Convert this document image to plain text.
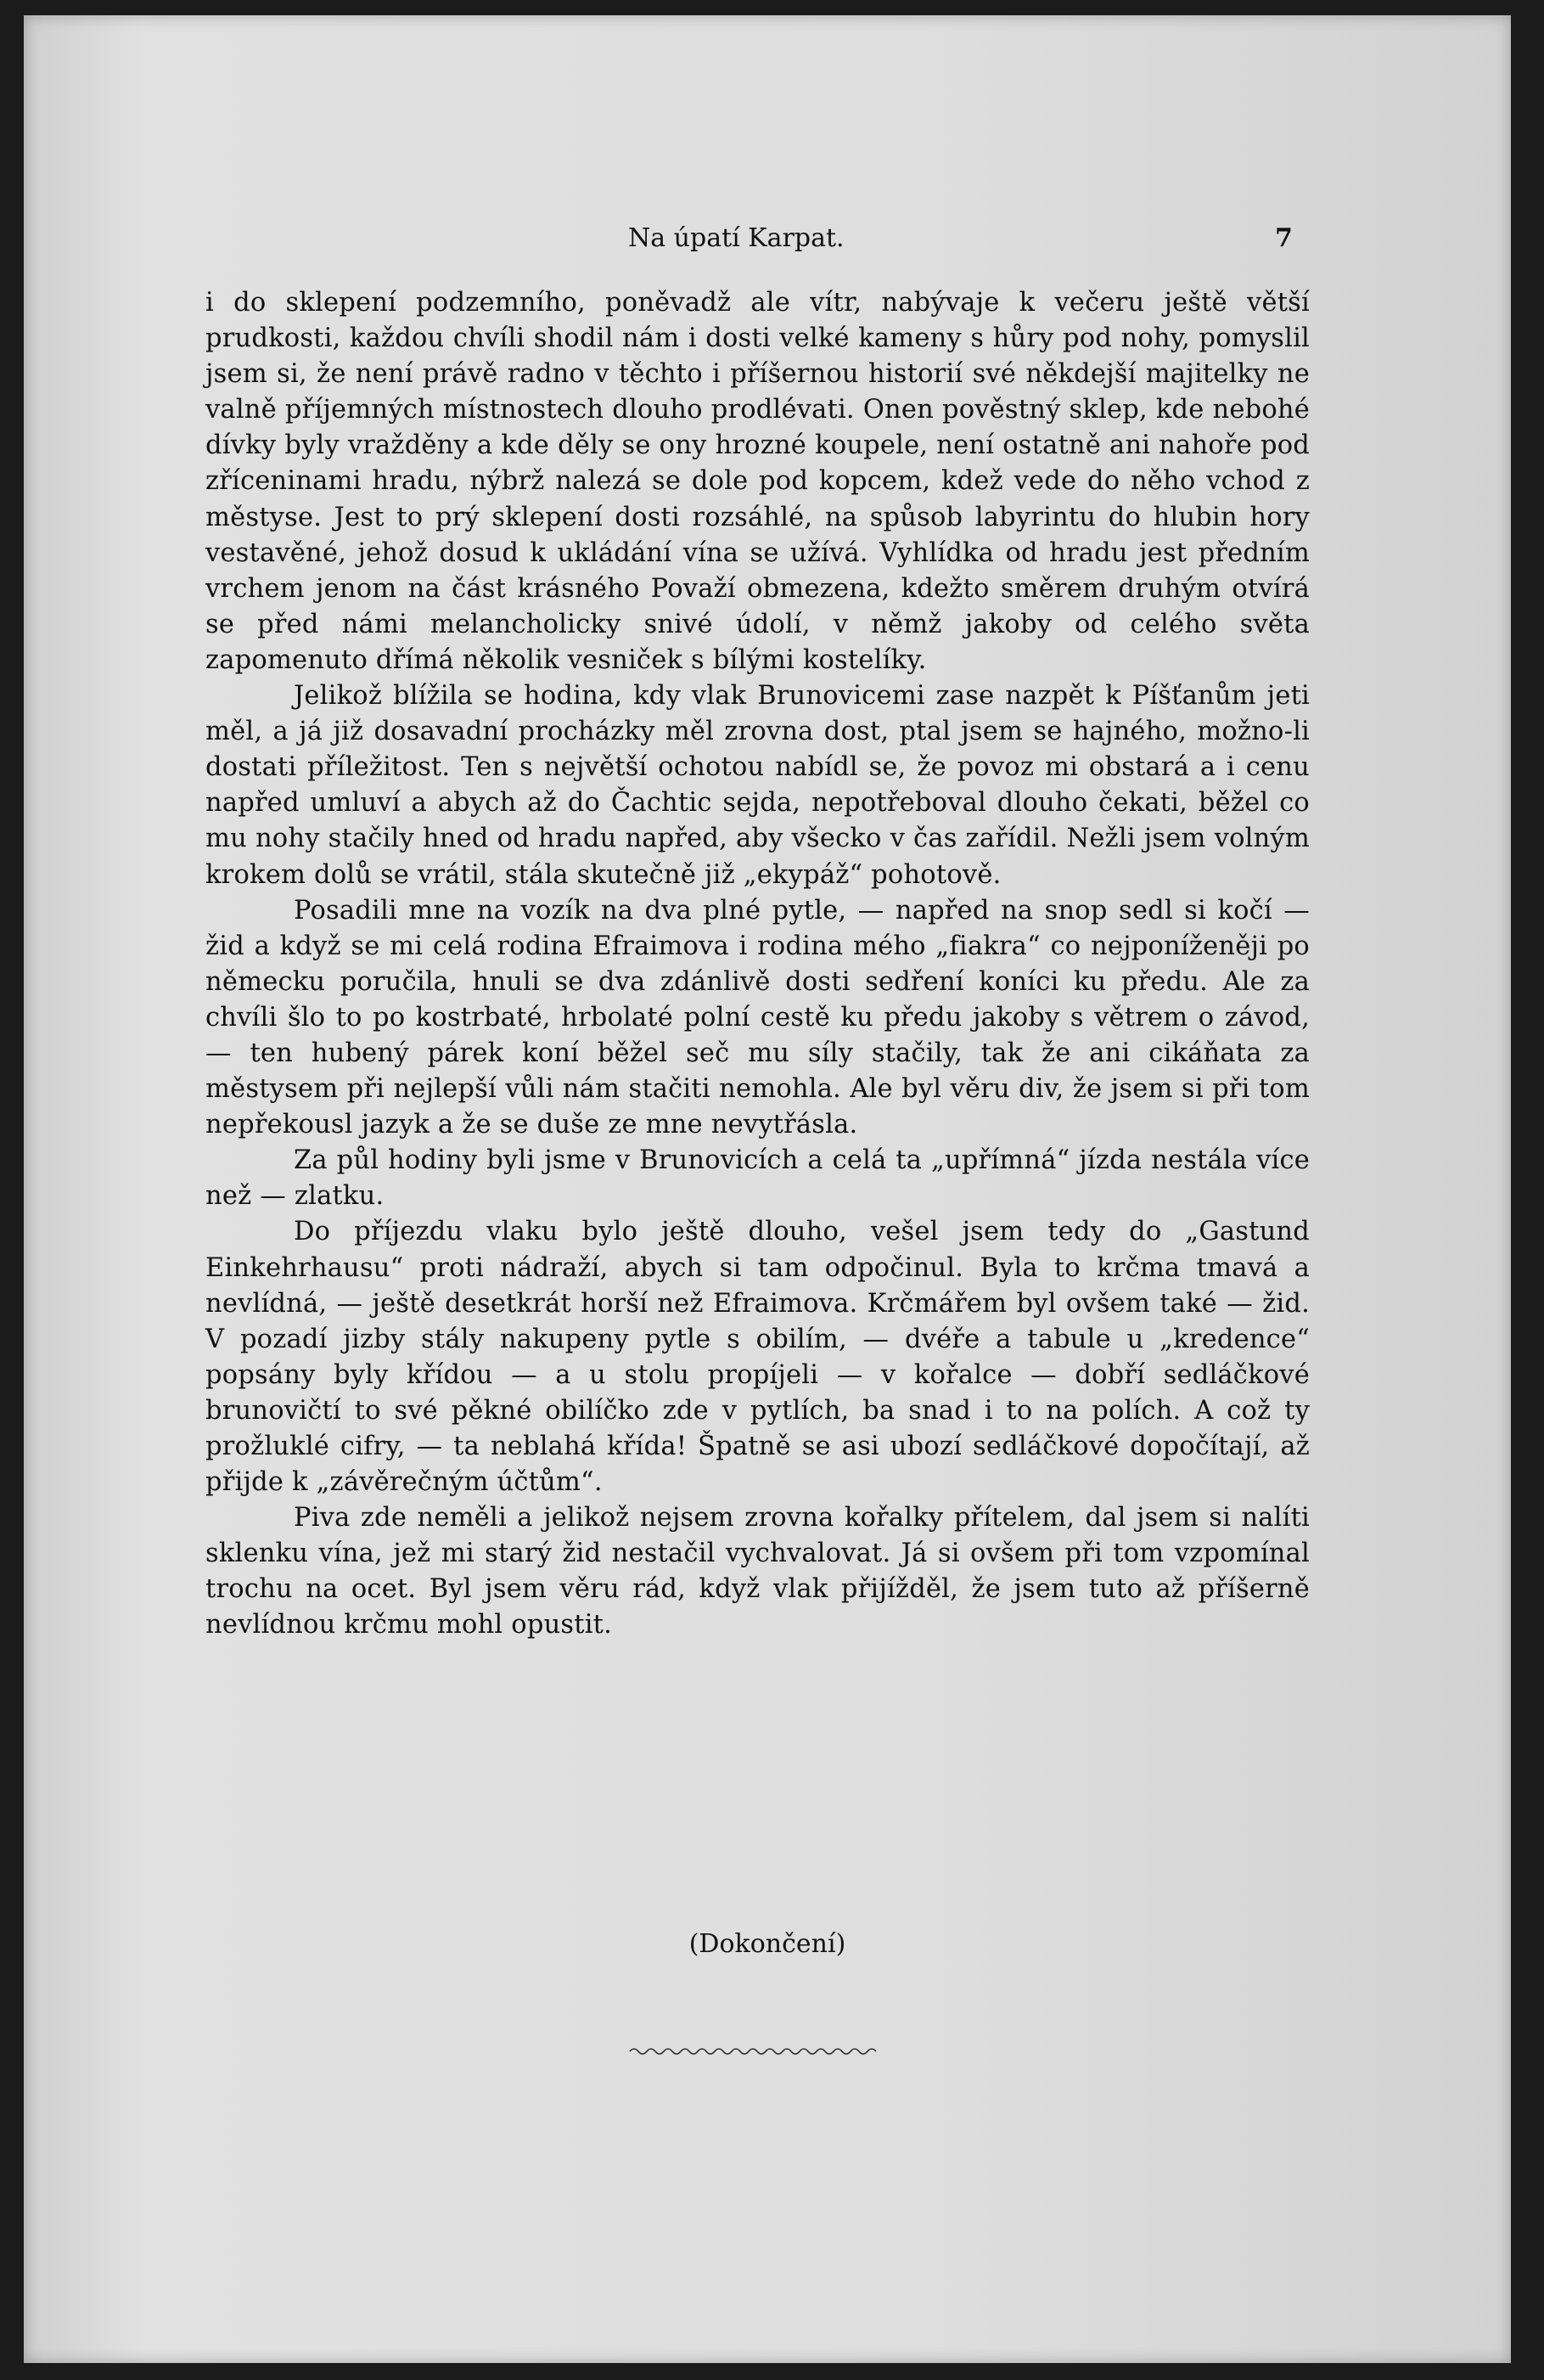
Na úpatí Karpat.	7

i do sklepení podzemního, poněvadž ale vítr, nabývaje k večeru ještě větší prudkosti, každou chvíli shodil nám i dosti velké kameny s hůry pod nohy, pomyslil jsem si, že není právě radno v těchto i příšernou historií své někdejší majitelky ne valně příjemných místnostech dlouho prodlévati. Onen pověstný sklep, kde nebohé dívky byly vražděny a kde děly se ony hrozné koupele, není ostatně ani nahoře pod zříceninami hradu, nýbrž nalezá se dole pod kopcem, kdež vede do něho vchod z městyse. Jest to prý sklepení dosti rozsáhlé, na spůsob labyrintu do hlubin hory vestavěné, jehož dosud k ukládání vína se užívá. Vyhlídka od hradu jest předním vrchem jenom na část krásného Považí obmezena, kdežto směrem druhým otvírá se před námi melancholicky snivé údolí, v němž jakoby od celého světa zapomenuto dřímá několik vesniček s bílými kostelíky.

Jelikož blížila se hodina, kdy vlak Brunovicemi zase nazpět k Píšťanům jeti měl, a já již dosavadní procházky měl zrovna dost, ptal jsem se hajného, možno-li dostati příležitost. Ten s největší ochotou nabídl se, že povoz mi obstará a i cenu napřed umluví a abych až do Čachtic sejda, nepotřeboval dlouho čekati, běžel co mu nohy stačily hned od hradu napřed, aby všecko v čas zařídil. Nežli jsem volným krokem dolů se vrátil, stála skutečně již „ekypáž“ pohotově.

Posadili mne na vozík na dva plné pytle, — napřed na snop sedl si kočí — žid a když se mi celá rodina Efraimova i rodina mého „fiakra“ co nejponíženěji po německu poručila, hnuli se dva zdánlivě dosti sedření koníci ku předu. Ale za chvíli šlo to po kostrbaté, hrbolaté polní cestě ku předu jakoby s větrem o závod, — ten hubený párek koní běžel seč mu síly stačily, tak že ani cikáňata za městysem při nejlepší vůli nám stačiti nemohla. Ale byl věru div, že jsem si při tom nepřekousl jazyk a že se duše ze mne nevytřásla.

Za půl hodiny byli jsme v Brunovicích a celá ta „upřímná“ jízda nestála více než — zlatku.

Do příjezdu vlaku bylo ještě dlouho, vešel jsem tedy do „Gastund Einkehrhausu“ proti nádraží, abych si tam odpočinul. Byla to krčma tmavá a nevlídná, — ještě desetkrát horší než Efraimova. Krčmářem byl ovšem také — žid. V pozadí jizby stály nakupeny pytle s obilím, — dvéře a tabule u „kredence“ popsány byly křídou — a u stolu propíjeli — v kořalce — dobří sedláčkové brunovičtí to své pěkné obilíčko zde v pytlích, ba snad i to na polích. A což ty prožluklé cifry, — ta neblahá křída! Špatně se asi ubozí sedláčkové dopočítají, až přijde k „závěrečným účtům“.

Piva zde neměli a jelikož nejsem zrovna kořalky přítelem, dal jsem si nalíti sklenku vína, jež mi starý žid nestačil vychvalovat. Já si ovšem při tom vzpomínal trochu na ocet. Byl jsem věru rád, když vlak přijížděl, že jsem tuto až příšerně nevlídnou krčmu mohl opustit.

(Dokončení)
